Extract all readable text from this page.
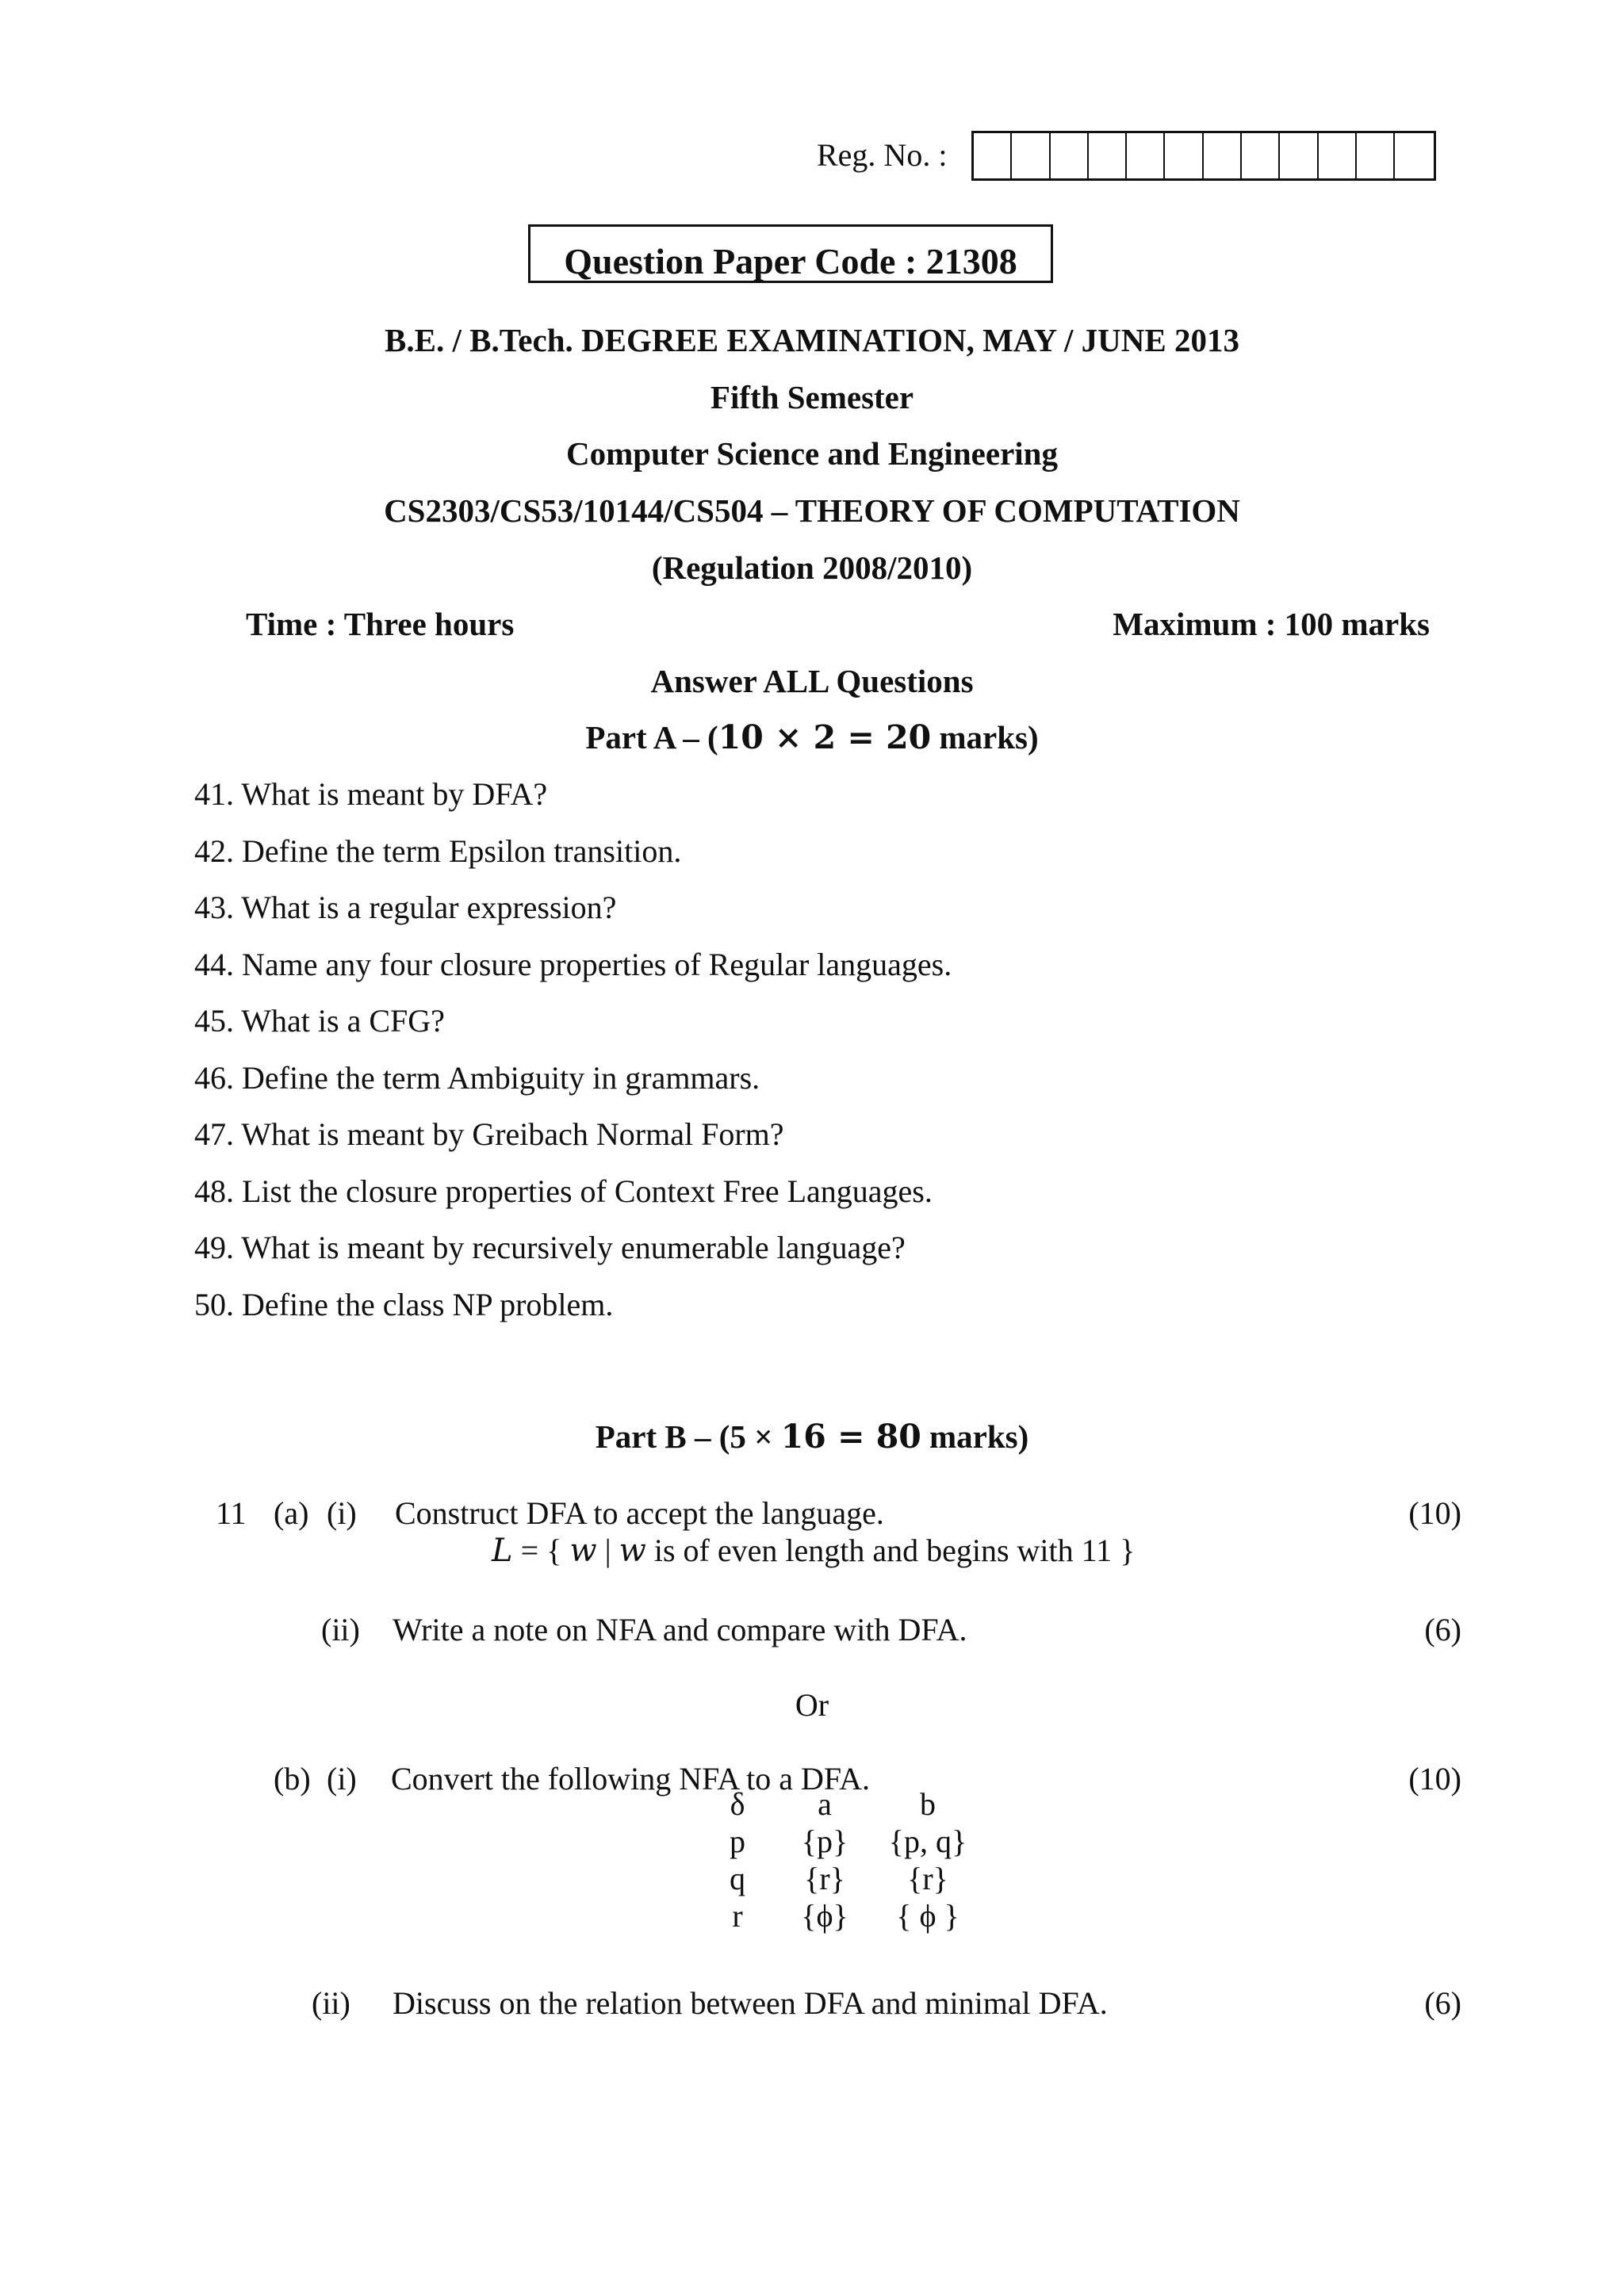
Reg. No. :
Question Paper Code : 21308
B.E. / B.Tech. DEGREE EXAMINATION, MAY / JUNE 2013
Fifth Semester
Computer Science and Engineering
CS2303/CS53/10144/CS504 – THEORY OF COMPUTATION
(Regulation 2008/2010)
Time : Three hours	Maximum : 100 marks
Answer ALL Questions
Part A – (10 × 2 = 20 marks)
41. What is meant by DFA?
42. Define the term Epsilon transition.
43. What is a regular expression?
44. Name any four closure properties of Regular languages.
45. What is a CFG?
46. Define the term Ambiguity in grammars.
47. What is meant by Greibach Normal Form?
48. List the closure properties of Context Free Languages.
49. What is meant by recursively enumerable language?
50. Define the class NP problem.
Part B – (5 × 16 = 80 marks)
11 (a) (i) Construct DFA to accept the language.	(10)
L = { w | w is of even length and begins with 11 }
(ii) Write a note on NFA and compare with DFA.	(6)
Or
(b) (i) Convert the following NFA to a DFA.	(10)
δ	a	b
p	{p}	{p, q}
q	{r}	{r}
r	{ϕ}	{ ϕ }
(ii) Discuss on the relation between DFA and minimal DFA.	(6)
